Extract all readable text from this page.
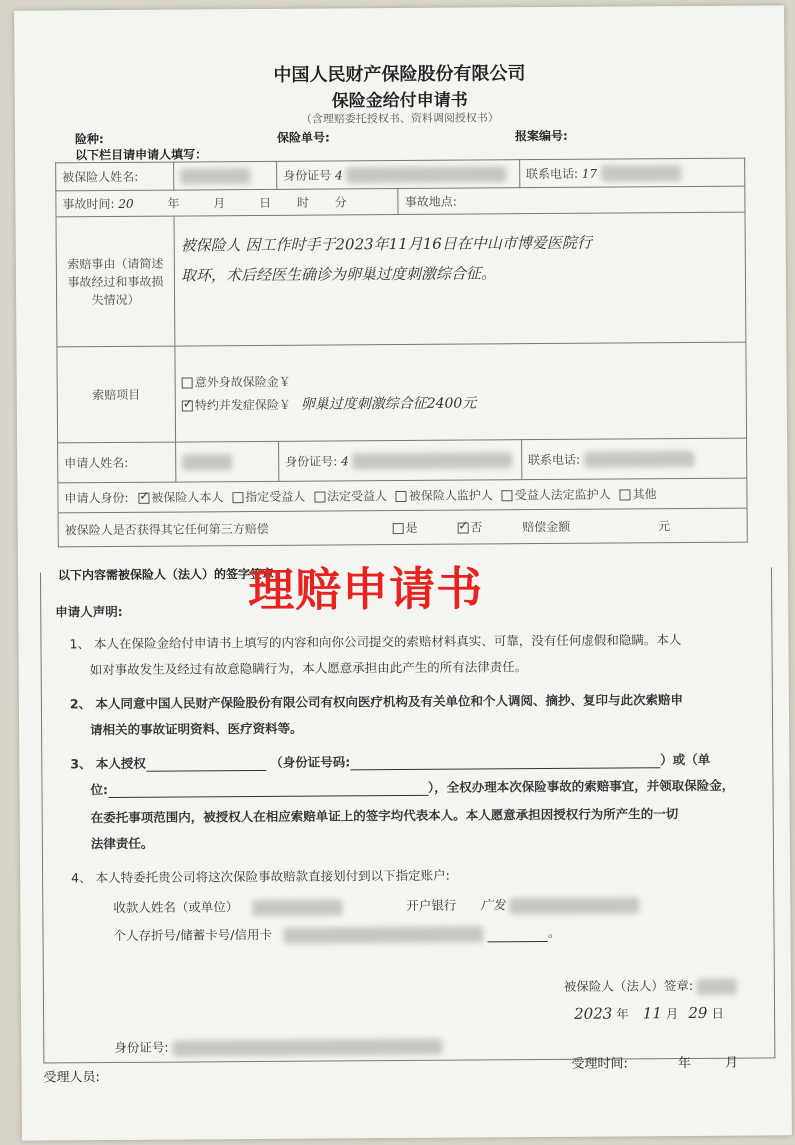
中国人民财产保险股份有限公司
保险金给付申请书
（含理赔委托授权书、资料调阅授权书）
险种:	保险单号:	报案编号:
以下栏目请申请人填写：
被保险人姓名:		身份证号 4		联系电话: 17
事故时间: 20 年 月 日 时 分			事故地点:	
索赔事由（请简述事故经过和事故损失情况）	被保险人 因工作时手于2023年11月16日在中山市博爱医院行
取环，术后经医生确诊为卵巢过度刺激综合征。			

索赔项目	意外身故保险金￥
✓特约并发症保险￥ 卵巢过度刺激综合征2400元

申请人姓名:		身份证号: 4		联系电话:
申请人身份: ✓ 被保险人本人 指定受益人 法定受益人 被保险人监护人 受益人法定监护人 其他
被保险人是否获得其它任何第三方赔偿 是 ✓ 否 赔偿金额 元
以下内容需被保险人（法人）的签字签章:
理赔申请书
申请人声明:
1、 本人在保险金给付申请书上填写的内容和向你公司提交的索赔材料真实、可靠，没有任何虚假和隐瞒。本人
如对事故发生及经过有故意隐瞒行为，本人愿意承担由此产生的所有法律责任。
2、 本人同意中国人民财产保险股份有限公司有权向医疗机构及有关单位和个人调阅、摘抄、复印与此次索赔申
请相关的事故证明资料、医疗资料等。
3、 本人授权	（身份证号码:	）或（单
位:	），全权办理本次保险事故的索赔事宜，并领取保险金，
在委托事项范围内，被授权人在相应索赔单证上的签字均代表本人。本人愿意承担因授权行为所产生的一切
法律责任。
4、 本人特委托贵公司将这次保险事故赔款直接划付到以下指定账户:
收款人姓名（或单位）	开户银行 广发
个人存折号/储蓄卡号/信用卡	。
被保险人（法人）签章:
2023 年 11 月 29 日
身份证号:
受理人员:
受理时间:	年	月
